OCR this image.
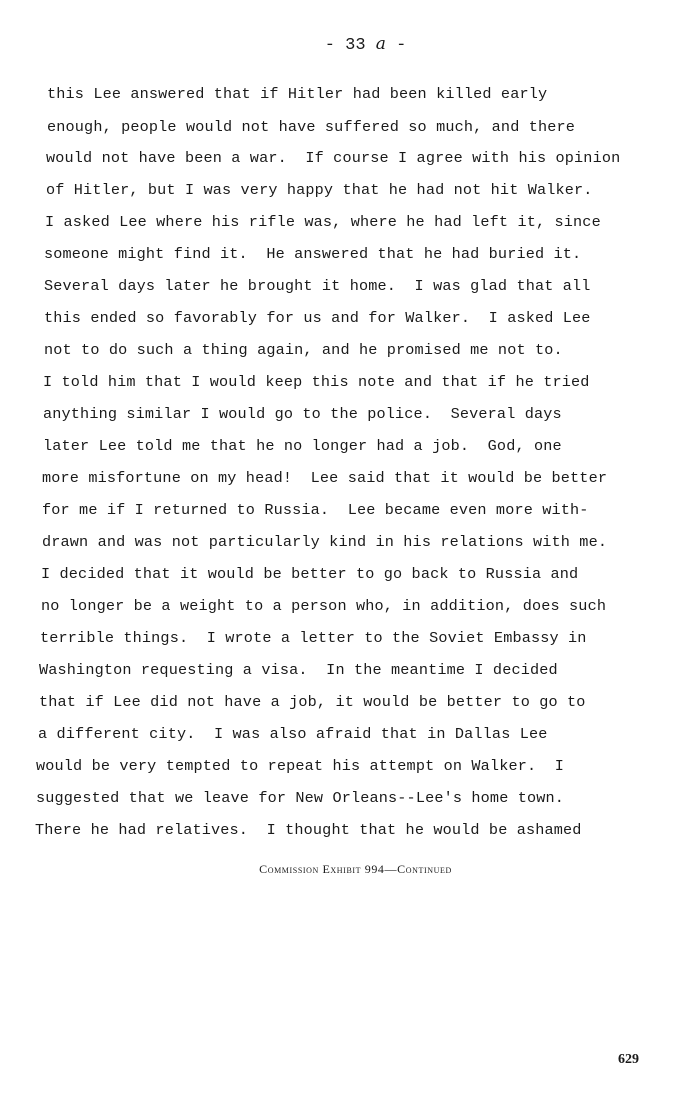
- 33 a -
this Lee answered that if Hitler had been killed early
enough, people would not have suffered so much, and there
would not have been a war.  If course I agree with his opinion
of Hitler, but I was very happy that he had not hit Walker.
I asked Lee where his rifle was, where he had left it, since
someone might find it.  He answered that he had buried it.
Several days later he brought it home.  I was glad that all
this ended so favorably for us and for Walker.  I asked Lee
not to do such a thing again, and he promised me not to.
I told him that I would keep this note and that if he tried
anything similar I would go to the police.  Several days
later Lee told me that he no longer had a job.  God, one
more misfortune on my head!  Lee said that it would be better
for me if I returned to Russia.  Lee became even more with-
drawn and was not particularly kind in his relations with me.
I decided that it would be better to go back to Russia and
no longer be a weight to a person who, in addition, does such
terrible things.  I wrote a letter to the Soviet Embassy in
Washington requesting a visa.  In the meantime I decided
that if Lee did not have a job, it would be better to go to
a different city.  I was also afraid that in Dallas Lee
would be very tempted to repeat his attempt on Walker.  I
suggested that we leave for New Orleans--Lee's home town.
There he had relatives.  I thought that he would be ashamed
Commission Exhibit 994—Continued
629
